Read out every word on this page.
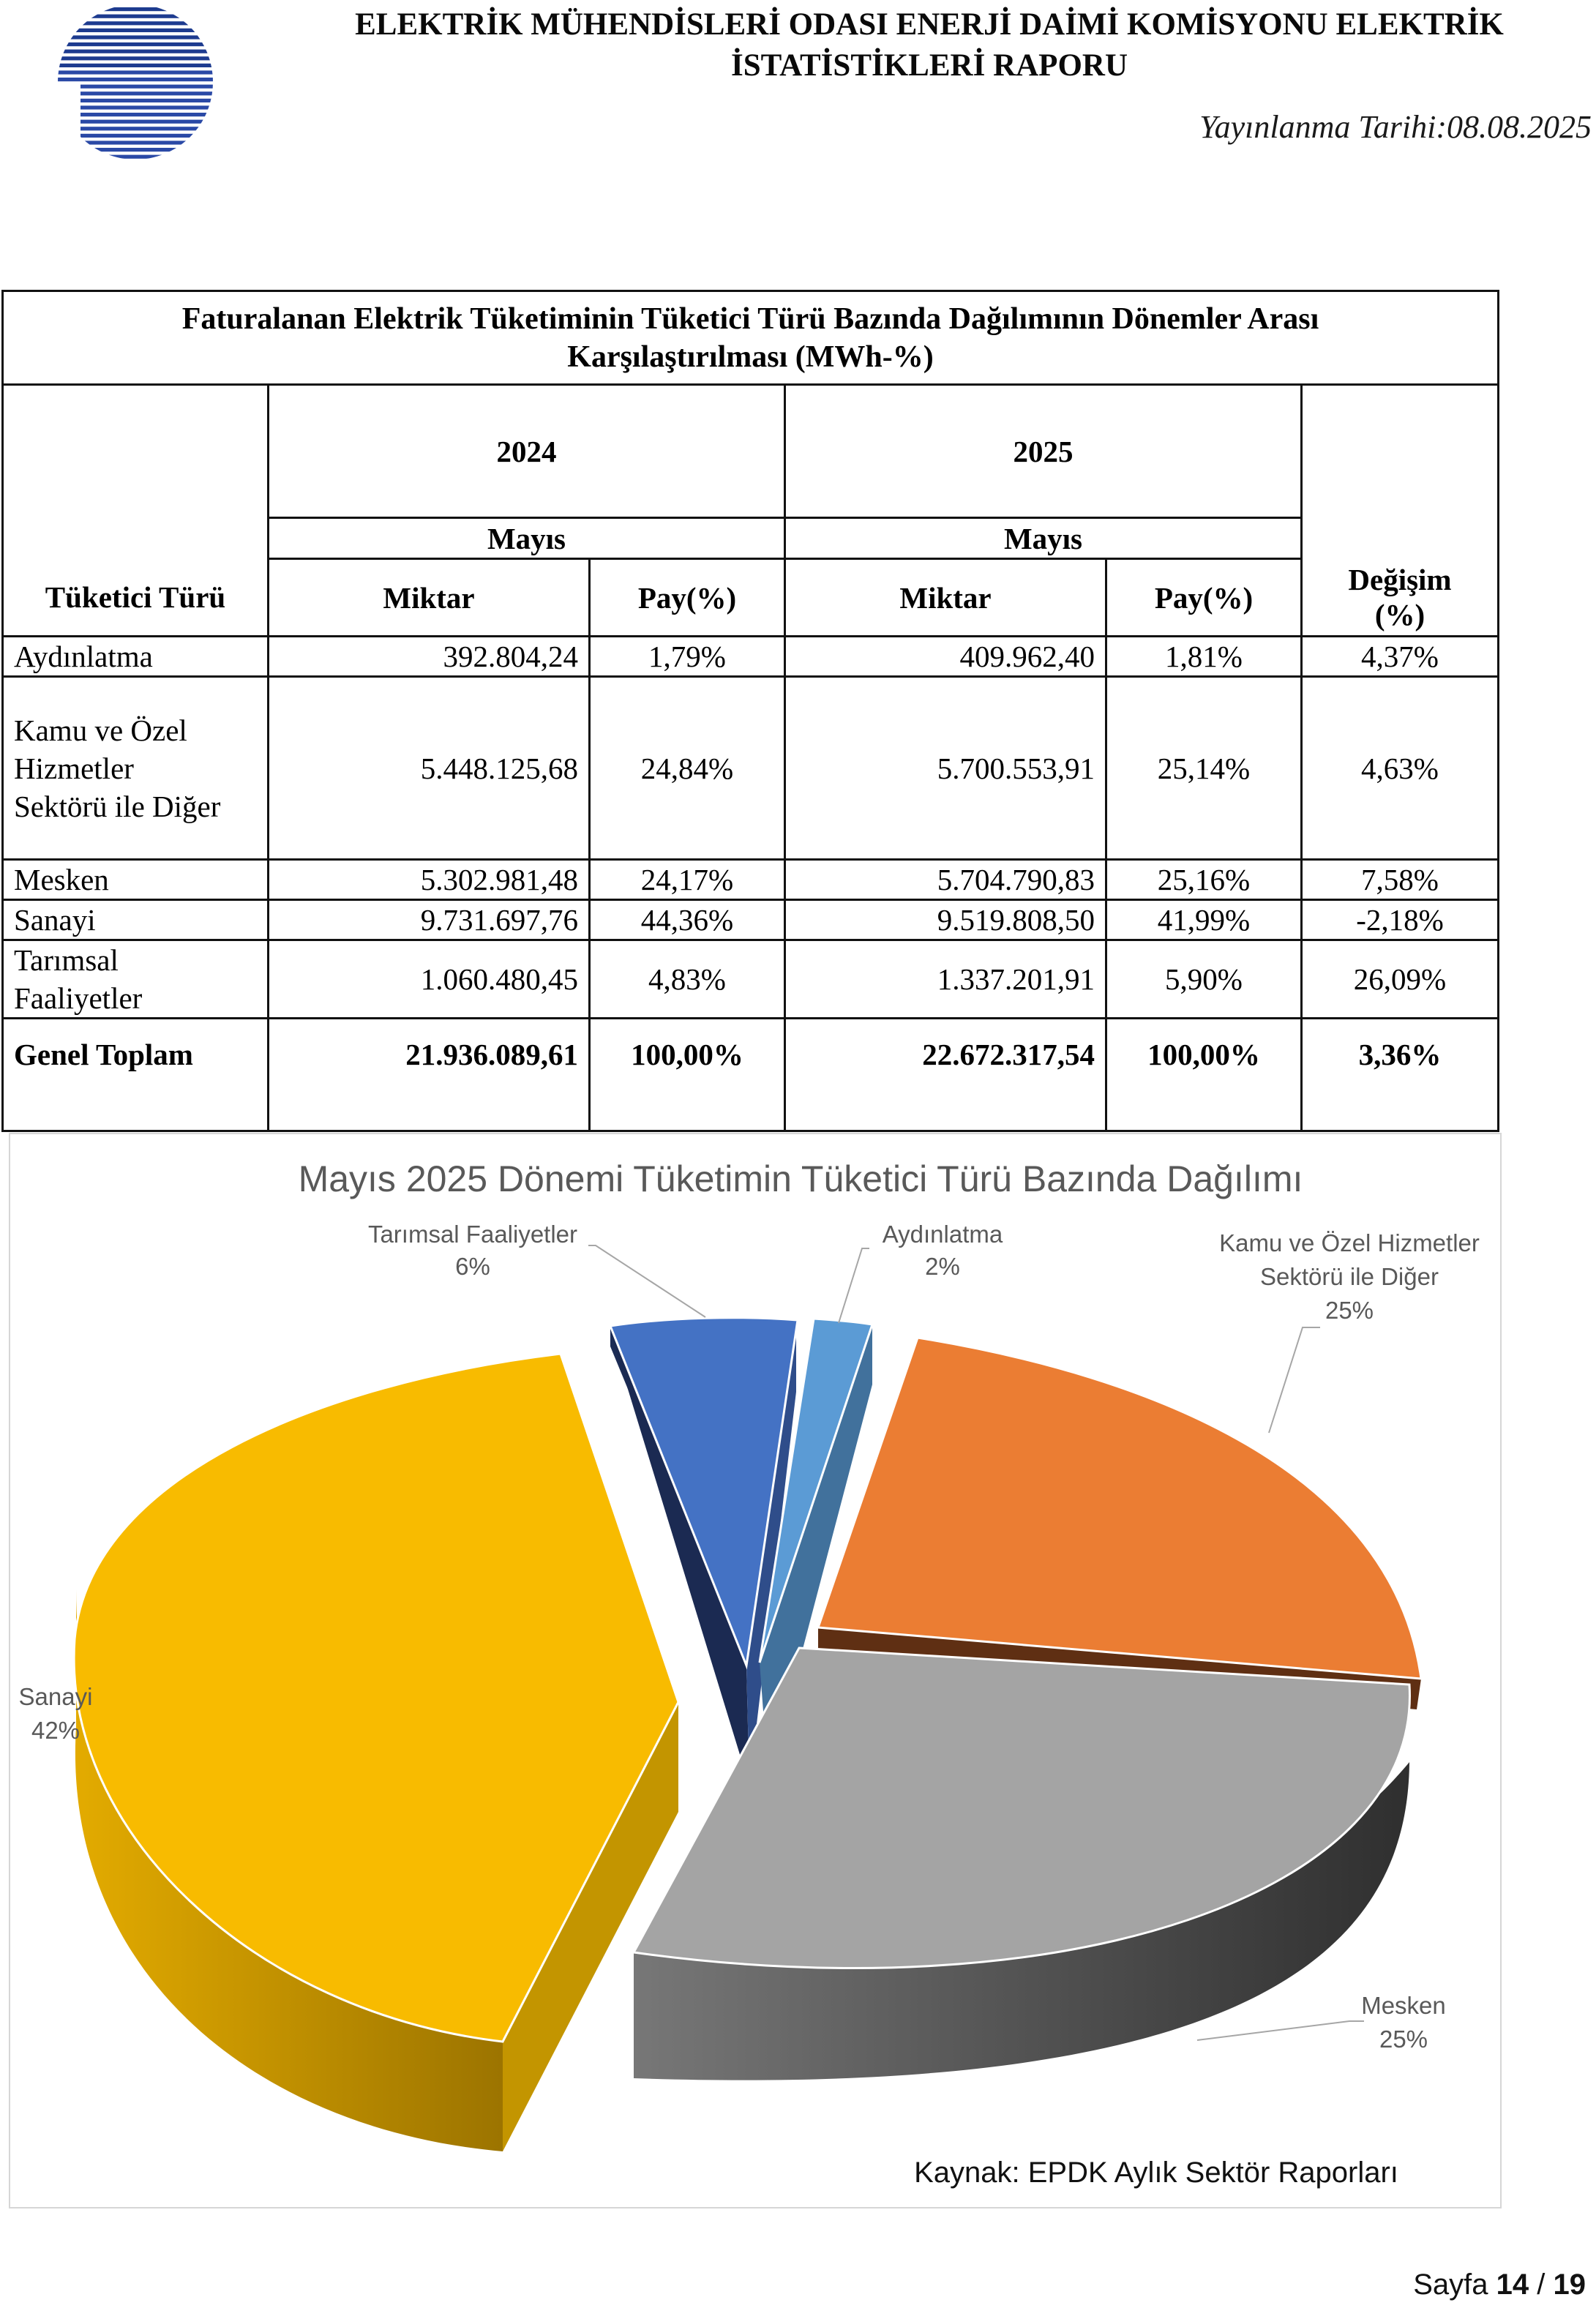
ELEKTRİK MÜHENDİSLERİ ODASI ENERJİ DAİMİ KOMİSYONU ELEKTRİK
İSTATİSTİKLERİ RAPORU
Yayınlanma Tarihi:08.08.2025
Faturalanan Elektrik Tüketiminin Tüketici Türü Bazında Dağılımının Dönemler Arası
Karşılaştırılması (MWh-%)					

	2024		2025		
	Mayıs		Mayıs		
Tüketici Türü	Miktar	Pay(%)	Miktar	Pay(%)	Değişim
(%)

Aydınlatma	392.804,24	1,79%	409.962,40	1,81%	4,37%

Kamu ve Özel
Hizmetler
Sektörü ile Diğer	5.448.125,68	24,84%	5.700.553,91	25,14%	4,63%

Mesken	5.302.981,48	24,17%	5.704.790,83	25,16%	7,58%

Sanayi	9.731.697,76	44,36%	9.519.808,50	41,99%	-2,18%

Tarımsal
Faaliyetler	1.060.480,45	4,83%	1.337.201,91	5,90%	26,09%
Genel Toplam	21.936.089,61	100,00%	22.672.317,54	100,00%	3,36%
Mayıs 2025 Dönemi Tüketimin Tüketici Türü Bazında Dağılımı
Tarımsal Faaliyetler
6%
Aydınlatma
2%
Kamu ve Özel Hizmetler
Sektörü ile Diğer
25%
Sanayi
42%
Mesken
25%
Kaynak: EPDK Aylık Sektör Raporları
Sayfa 14 / 19
